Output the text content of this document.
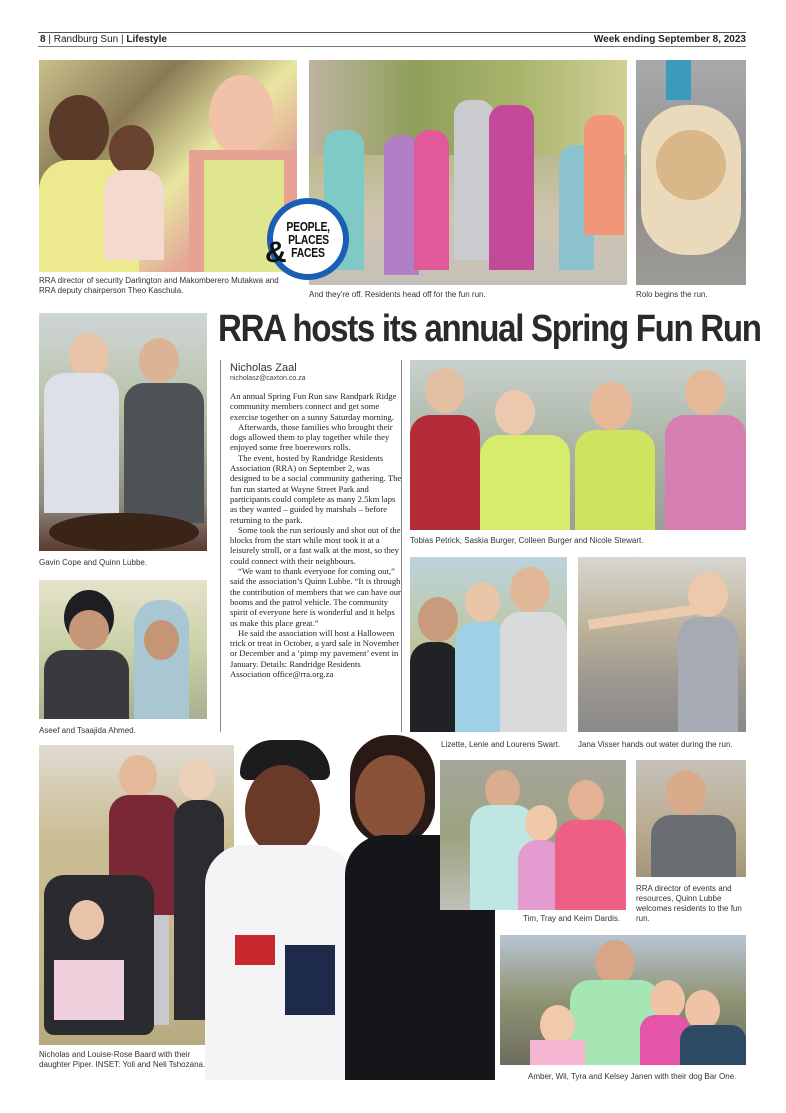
8 | Randburg Sun | Lifestyle	Week ending September 8, 2023
RRA director of security Darlington and Makomberero Mutakwa and RRA deputy chairperson Theo Kaschula.	And they’re off. Residents head off for the fun run.	Rolo begins the run.
PEOPLE,
PLACES
FACES
&
Gavin Cope and Quinn Lubbe.
Aseef and Tsaajida Ahmed.
RRA hosts its annual Spring Fun Run
Nicholas Zaal
nicholasz@caxton.co.za

An annual Spring Fun Run saw Randpark Ridge community members connect and get some exercise together on a sunny Saturday morning.

Afterwards, those families who brought their dogs allowed them to play together while they enjoyed some free boerewors rolls.

The event, hosted by Randridge Residents Association (RRA) on September 2, was designed to be a social community gathering. The fun run started at Wayne Street Park and participants could complete as many 2.5km laps as they wanted – guided by marshals – before returning to the park.

Some took the run seriously and shot out of the blocks from the start while most took it at a leisurely stroll, or a fast walk at the most, so they could connect with their neighbours.

“We want to thank everyone for coming out,” said the association’s Quinn Lubbe. “It is through the contribution of members that we can have our booms and the patrol vehicle. The community spirit of everyone here is wonderful and it helps us make this place great.”

He said the association will host a Halloween trick or treat in October, a yard sale in November or December and a ‘pimp my pavement’ event in January. Details: Randridge Residents Association office@rra.org.za

Tobias Petrick, Saskia Burger, Colleen Burger and Nicole Stewart.
Lizette, Lenie and Lourens Swart.	Jana Visser hands out water during the run.
Nicholas and Louise-Rose Baard with their daughter Piper. INSET: Yoli and Neli Tshozana.
Tim, Tray and Keirn Dardis.
RRA director of events and resources, Quinn Lubbe welcomes residents to the fun run.
Amber, Wil, Tyra and Kelsey Janen with their dog Bar One.
